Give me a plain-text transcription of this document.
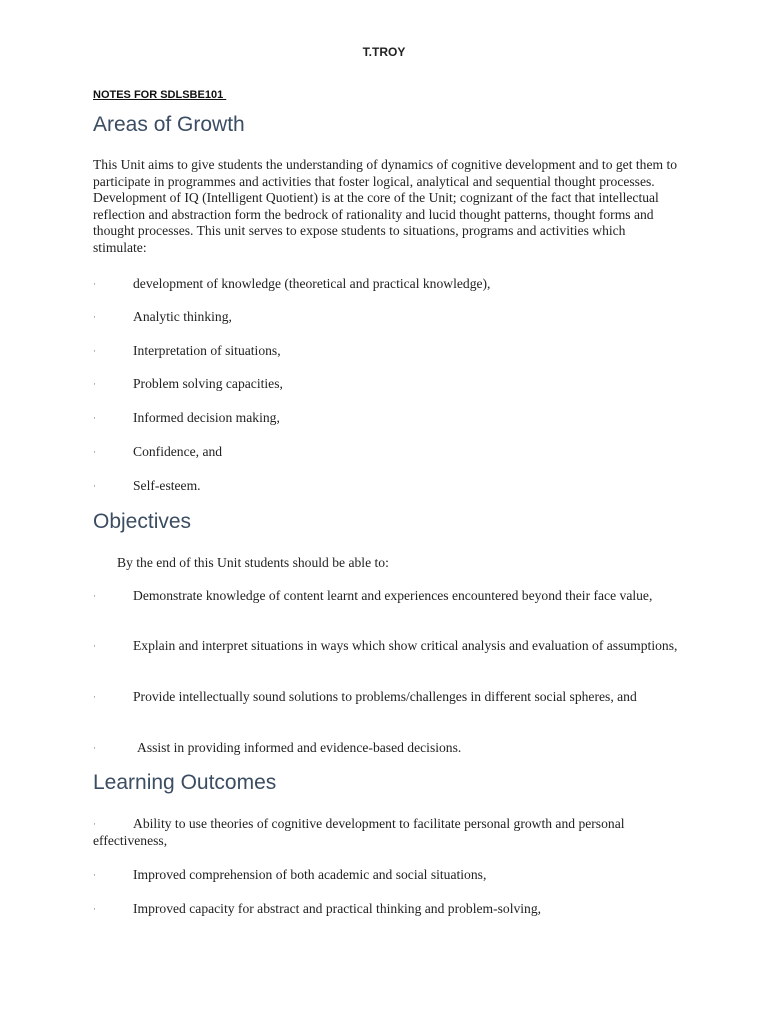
T.TROY
NOTES FOR SDLSBE101
Areas of Growth

This Unit aims to give students the understanding of dynamics of cognitive development and to get them to participate in programmes and activities that foster logical, analytical and sequential thought processes. Development of IQ (Intelligent Quotient) is at the core of the Unit; cognizant of the fact that intellectual reflection and abstraction form the bedrock of rationality and lucid thought patterns, thought forms and thought processes. This unit serves to expose students to situations, programs and activities which stimulate:

·	development of knowledge (theoretical and practical knowledge),
·	Analytic thinking,
·	Interpretation of situations,
·	Problem solving capacities,
·	Informed decision making,
·	Confidence, and
·	Self-esteem.
Objectives

By the end of this Unit students should be able to:

·	Demonstrate knowledge of content learnt and experiences encountered beyond their face value,
·	Explain and interpret situations in ways which show critical analysis and evaluation of assumptions,
·	Provide intellectually sound solutions to problems/challenges in different social spheres, and
·	Assist in providing informed and evidence-based decisions.
Learning Outcomes
·	Ability to use theories of cognitive development to facilitate personal growth and personal effectiveness,
·	Improved comprehension of both academic and social situations,
·	Improved capacity for abstract and practical thinking and problem-solving,
